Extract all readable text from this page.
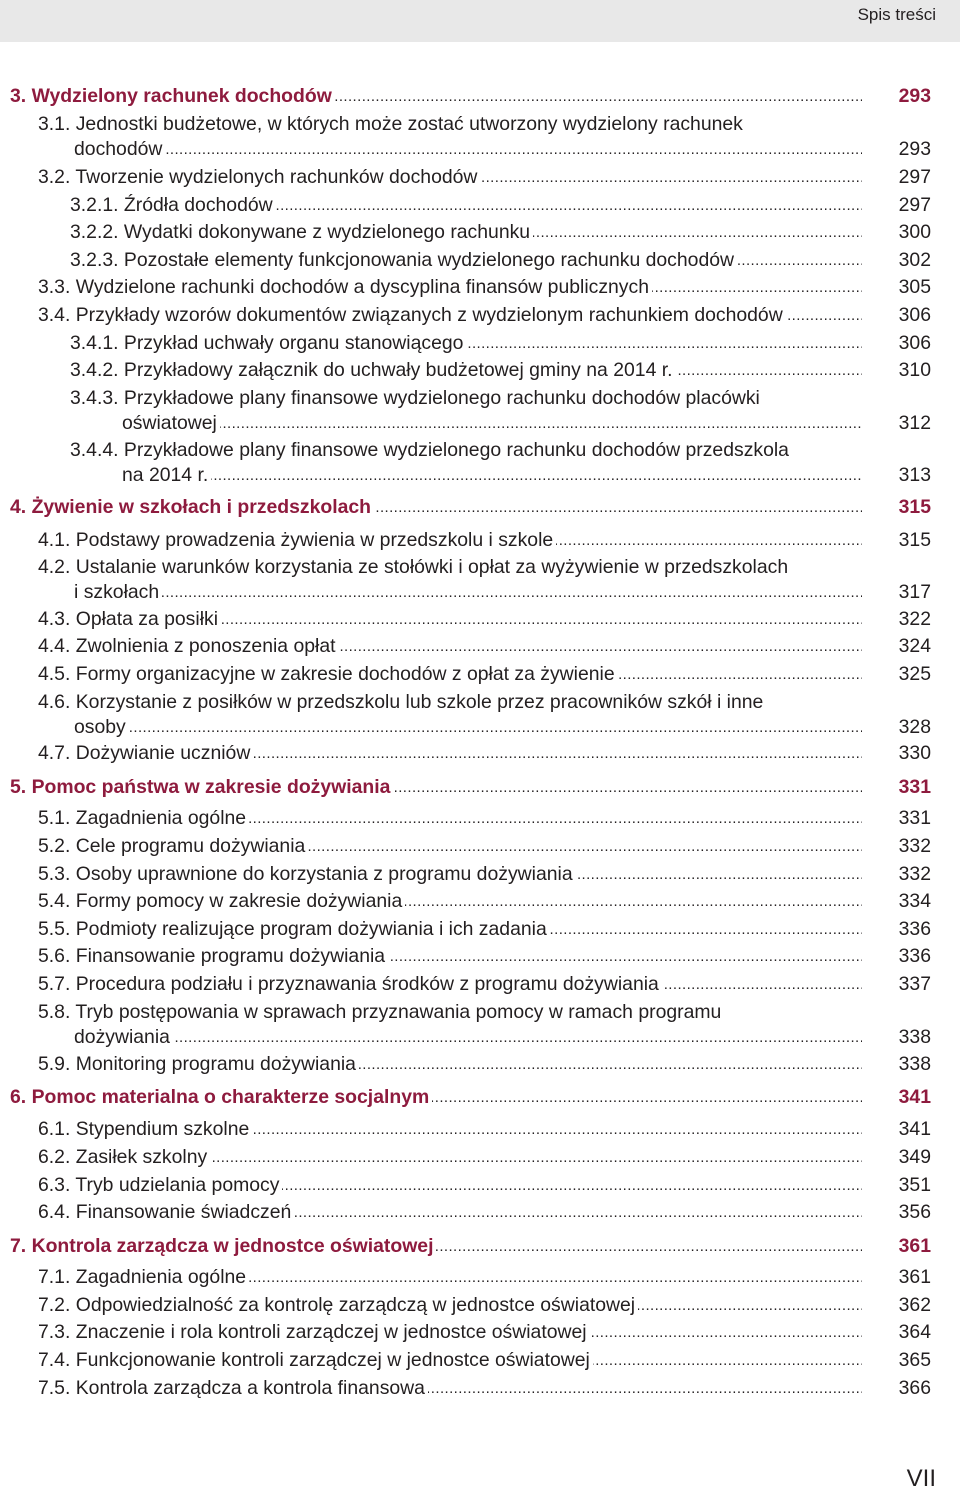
Spis treści
3. Wydzielony rachunek dochodów .....	293
3.1. Jednostki budżetowe, w których może zostać utworzony wydzielony rachunek
dochodów .....	293
3.2. Tworzenie wydzielonych rachunków dochodów .....	297
3.2.1. Źródła dochodów .....	297
3.2.2. Wydatki dokonywane z wydzielonego rachunku .....	300
3.2.3. Pozostałe elementy funkcjonowania wydzielonego rachunku dochodów .....	302
3.3. Wydzielone rachunki dochodów a dyscyplina finansów publicznych .....	305
3.4. Przykłady wzorów dokumentów związanych z wydzielonym rachunkiem dochodów .....	306
3.4.1. Przykład uchwały organu stanowiącego .....	306
3.4.2. Przykładowy załącznik do uchwały budżetowej gminy na 2014 r. .....	310
3.4.3. Przykładowe plany finansowe wydzielonego rachunku dochodów placówki
oświatowej .....	312
3.4.4. Przykładowe plany finansowe wydzielonego rachunku dochodów przedszkola
na 2014 r. .....	313
4. Żywienie w szkołach i przedszkolach .....	315
4.1. Podstawy prowadzenia żywienia w przedszkolu i szkole .....	315
4.2. Ustalanie warunków korzystania ze stołówki i opłat za wyżywienie w przedszkolach
i szkołach .....	317
4.3. Opłata za posiłki .....	322
4.4. Zwolnienia z ponoszenia opłat .....	324
4.5. Formy organizacyjne w zakresie dochodów z opłat za żywienie .....	325
4.6. Korzystanie z posiłków w przedszkolu lub szkole przez pracowników szkół i inne
osoby .....	328
4.7. Dożywianie uczniów .....	330
5. Pomoc państwa w zakresie dożywiania .....	331
5.1. Zagadnienia ogólne .....	331
5.2. Cele programu dożywiania .....	332
5.3. Osoby uprawnione do korzystania z programu dożywiania .....	332
5.4. Formy pomocy w zakresie dożywiania .....	334
5.5. Podmioty realizujące program dożywiania i ich zadania .....	336
5.6. Finansowanie programu dożywiania .....	336
5.7. Procedura podziału i przyznawania środków z programu dożywiania .....	337
5.8. Tryb postępowania w sprawach przyznawania pomocy w ramach programu
dożywiania .....	338
5.9. Monitoring programu dożywiania .....	338
6. Pomoc materialna o charakterze socjalnym .....	341
6.1. Stypendium szkolne .....	341
6.2. Zasiłek szkolny .....	349
6.3. Tryb udzielania pomocy .....	351
6.4. Finansowanie świadczeń .....	356
7. Kontrola zarządcza w jednostce oświatowej .....	361
7.1. Zagadnienia ogólne .....	361
7.2. Odpowiedzialność za kontrolę zarządczą w jednostce oświatowej .....	362
7.3. Znaczenie i rola kontroli zarządczej w jednostce oświatowej .....	364
7.4. Funkcjonowanie kontroli zarządczej w jednostce oświatowej .....	365
7.5. Kontrola zarządcza a kontrola finansowa .....	366
VII
